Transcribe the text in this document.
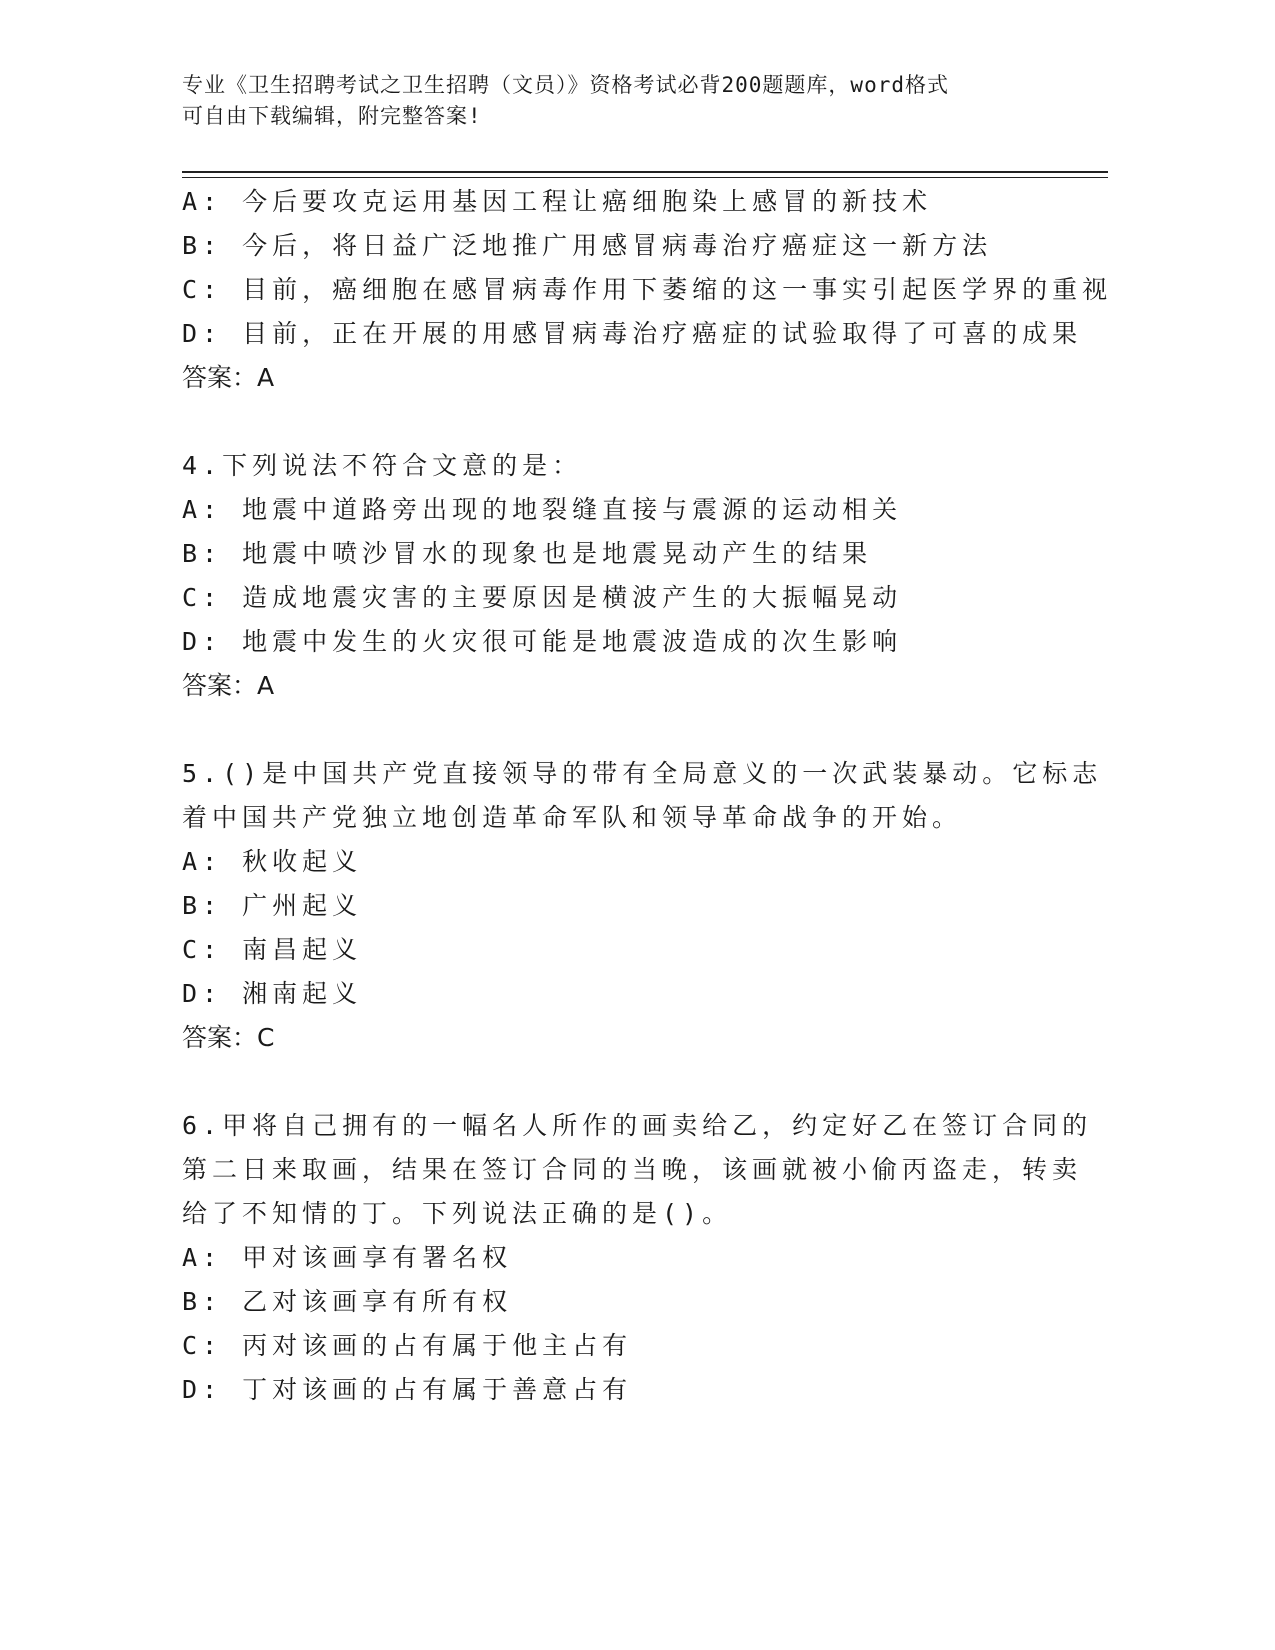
专业《卫生招聘考试之卫生招聘（文员）》资格考试必背200题题库，word格式
可自由下载编辑，附完整答案!
A: 今后要攻克运用基因工程让癌细胞染上感冒的新技术
B: 今后，将日益广泛地推广用感冒病毒治疗癌症这一新方法
C: 目前，癌细胞在感冒病毒作用下萎缩的这一事实引起医学界的重视
D: 目前，正在开展的用感冒病毒治疗癌症的试验取得了可喜的成果
答案：A
4.下列说法不符合文意的是：
A: 地震中道路旁出现的地裂缝直接与震源的运动相关
B: 地震中喷沙冒水的现象也是地震晃动产生的结果
C: 造成地震灾害的主要原因是横波产生的大振幅晃动
D: 地震中发生的火灾很可能是地震波造成的次生影响
答案：A
5.()是中国共产党直接领导的带有全局意义的一次武装暴动。它标志
着中国共产党独立地创造革命军队和领导革命战争的开始。
A: 秋收起义
B: 广州起义
C: 南昌起义
D: 湘南起义
答案：C
6.甲将自己拥有的一幅名人所作的画卖给乙，约定好乙在签订合同的
第二日来取画，结果在签订合同的当晚，该画就被小偷丙盗走，转卖
给了不知情的丁。下列说法正确的是()。
A: 甲对该画享有署名权
B: 乙对该画享有所有权
C: 丙对该画的占有属于他主占有
D: 丁对该画的占有属于善意占有
